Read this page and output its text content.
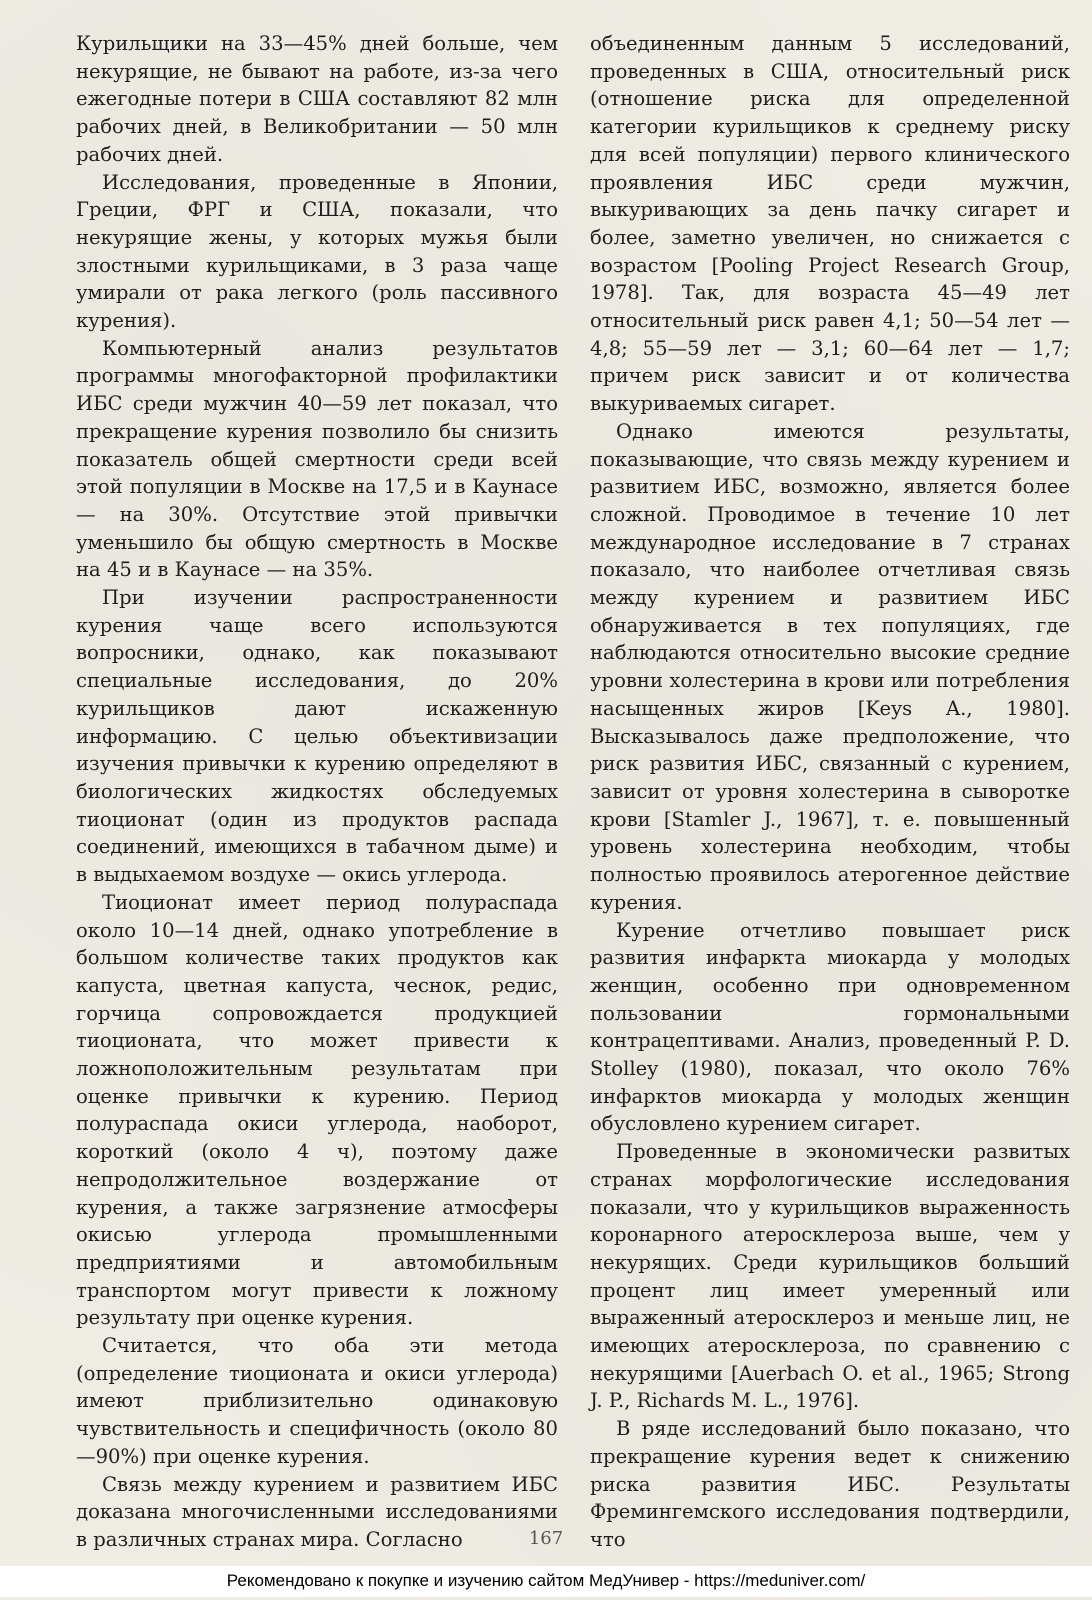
Курильщики на 33—45% дней больше, чем некурящие, не бывают на работе, из-за чего ежегодные потери в США составляют 82 млн рабочих дней, в Великобритании — 50 млн рабочих дней.

Исследования, проведенные в Японии, Греции, ФРГ и США, показали, что некурящие жены, у которых мужья были злостными курильщиками, в 3 раза чаще умирали от рака легкого (роль пассивного курения).

Компьютерный анализ результатов программы многофакторной профилактики ИБС среди мужчин 40—59 лет показал, что прекращение курения позволило бы снизить показатель общей смертности среди всей этой популяции в Москве на 17,5 и в Каунасе — на 30%. Отсутствие этой привычки уменьшило бы общую смертность в Москве на 45 и в Каунасе — на 35%.

При изучении распространенности курения чаще всего используются вопросники, однако, как показывают специальные исследования, до 20% курильщиков дают искаженную информацию. С целью объективизации изучения привычки к курению определяют в биологических жидкостях обследуемых тиоционат (один из продуктов распада соединений, имеющихся в табачном дыме) и в выдыхаемом воздухе — окись углерода.

Тиоционат имеет период полураспада около 10—14 дней, однако употребление в большом количестве таких продуктов как капуста, цветная капуста, чеснок, редис, горчица сопровождается продукцией тиоционата, что может привести к ложноположительным результатам при оценке привычки к курению. Период полураспада окиси углерода, наоборот, короткий (около 4 ч), поэтому даже непродолжительное воздержание от курения, а также загрязнение атмосферы окисью углерода промышленными предприятиями и автомобильным транспортом могут привести к ложному результату при оценке курения.

Считается, что оба эти метода (определение тиоционата и окиси углерода) имеют приблизительно одинаковую чувствительность и специфичность (около 80—90%) при оценке курения.

Связь между курением и развитием ИБС доказана многочисленными исследованиями в различных странах мира. Согласно

объединенным данным 5 исследований, проведенных в США, относительный риск (отношение риска для определенной категории курильщиков к среднему риску для всей популяции) первого клинического проявления ИБС среди мужчин, выкуривающих за день пачку сигарет и более, заметно увеличен, но снижается с возрастом [Pooling Project Research Group, 1978]. Так, для возраста 45—49 лет относительный риск равен 4,1; 50—54 лет — 4,8; 55—59 лет — 3,1; 60—64 лет — 1,7; причем риск зависит и от количества выкуриваемых сигарет.

Однако имеются результаты, показывающие, что связь между курением и развитием ИБС, возможно, является более сложной. Проводимое в течение 10 лет международное исследование в 7 странах показало, что наиболее отчетливая связь между курением и развитием ИБС обнаруживается в тех популяциях, где наблюдаются относительно высокие средние уровни холестерина в крови или потребления насыщенных жиров [Keys A., 1980]. Высказывалось даже предположение, что риск развития ИБС, связанный с курением, зависит от уровня холестерина в сыворотке крови [Stamler J., 1967], т. е. повышенный уровень холестерина необходим, чтобы полностью проявилось атерогенное действие курения.

Курение отчетливо повышает риск развития инфаркта миокарда у молодых женщин, особенно при одновременном пользовании гормональными контрацептивами. Анализ, проведенный P. D. Stolley (1980), показал, что около 76% инфарктов миокарда у молодых женщин обусловлено курением сигарет.

Проведенные в экономически развитых странах морфологические исследования показали, что у курильщиков выраженность коронарного атеросклероза выше, чем у некурящих. Среди курильщиков больший процент лиц имеет умеренный или выраженный атеросклероз и меньше лиц, не имеющих атеросклероза, по сравнению с некурящими [Auerbach O. et al., 1965; Strong J. P., Richards M. L., 1976].

В ряде исследований было показано, что прекращение курения ведет к снижению риска развития ИБС. Результаты Фремингемского исследования подтвердили, что

167
Рекомендовано к покупке и изучению сайтом МедУнивер - https://meduniver.com/
